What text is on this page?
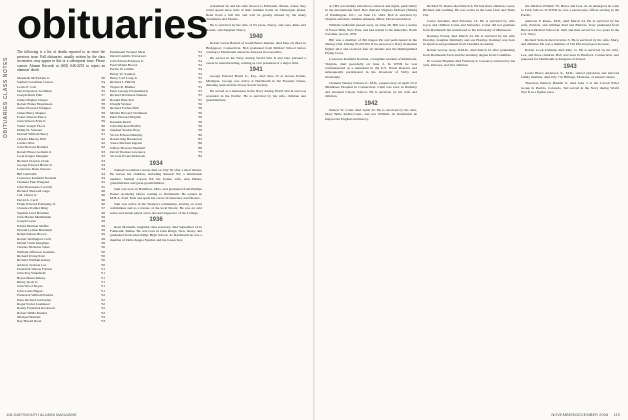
OBITUARIES CLASS NOTES
obituaries

The following is a list of deaths reported to us since the previous issue. Full obituaries, usually written by the class secretaries, may appear in this or a subsequent issue. Please contact Alumni Records at (603) 646-2253 to report an alumnus' death.

Mendelle McFadden Jr.	'30
Samuel Goodman Carson	'34
Lewis E. Colt	'36
David Spencer Goldman	'35
Joseph Mark Fuhr	'37
James Hughes Thayer	'38
Robert Fisher Hopkinson	'38
James Howard Schipper	'39
James Berry Shapiro	'39
Foster Warren Pierce	'39
John Warren Fritz Jr.	'39
Stuart Joseph Flood	'40
Philip W. Scheuer	'40
Donald William Berry	'41
Charles Murray Hall	'42
Lucius Wise	'42
John Howard Holland	'42
Robert Bruce Graham Jr.	'43
Leon Kruger Meagher	'43
Richard Clayton Clark	'43
George Edward Brand Jr.	'44
Lawrence Dean Stewart	'44
Bill Galbraith	'44
Lawrence Kenfield Norman	'44
Clement Fisk Wiegand	'45
John Devereaux Corvelti	'45
Richard Shotwell Gage	'46
J.M. Oliver Jr.	'46
David A. Cecil	'46
Frank Edward Pollansky Jr.	'46
Clarence Kohler Ring	'47
Stephen Lind Hartman	'48
John Harlan Middlemist	'49
Joseph Gorin	'49
Edwin Herman Maffie	'49
Donald Lyman Burnham	'49
Ralph Nelson Brown	'49
Robert Wellington Cecil	'49
Daniel Clark Kingman	'49
Charles Nicholas Scher	'50
William Jefferson Geitsma	'50
Richard Irving Paul	'50
Richard William Kelley	'50
Andrew Jackson Lee	'50
Frederick Vinson Farbert	'51
John Roy Wakefield	'51
Bryan Mann Rainey	'51
Henry Rock Jr.	'51
John Wood Noyes	'51
John Louis Hagan	'51
Frederick William Endres	'52
Peter Richard Garbarino	'52
Roger Porter Luskhead	'52
Randy Frederick Rockwell	'52
Robert Willis Kneitel	'52
Michael Bonnell	'53
Ray Harold Ryan	'53
Emmanuel Wolpert Metz	'53
David Camillo Traversari	'53
John Edwin Erickson Jr.	'54
Fred Wright Brown	'54
Parvin D. Gillim	'54
Henry W. Sanders	'54
Harry Carl Long Jr.	'55
Richard J. Hill III	'55
Wayne B. Blumer	'55
Peter George Dronenbusch	'55
Richard Robinson Nielsen	'55
Ronald Hale Port	'55
Dwight Wolper	'56
Richard Forbes Hull	'56
Melvin Howard Wolfskeel	'56
Peter Howard Pilgrim	'56
Kenneth Reich	'56
John Maclean Pfeiffer	'58
Stephen Yerdon Hoyt	'58
Victor Edward Murphy	'60
Robert Reg Henderson	'63
Vance Michael Ingram	'66
Jeffrey Howard Shendell	'68
David Thomas Lawrence	'75
Victoria Evans McIntosh	'82
1934

Samuel Goodman Carson died on July 30 after a short illness. He leaves his children, including Russell '62; a Dartmouth nephew, Samuel Carson '64; his former wife, Ann Hanks; grandchildren and great-grandchildren.

Sam was born in Hamilton, Ohio, and graduated from Phillips Exeter Academy before coming to Dartmouth. He earned an M.B.A. from Tuck and spent his career in insurance and finance.

Sam was active in the Westport community, serving on town committees and as a trustee of the local library. He was an avid sailor and tennis player and a devoted supporter of the College.

1936

Rene Marinelli, longtime class secretary, died September 19 in Falmouth, Maine. He was born in Glen Ridge, New Jersey, and graduated from Glen Ridge High School. At Dartmouth he was a member of Delta Kappa Epsilon and the Green Key.

retirement he and his wife moved to Falmouth, Maine, where they could spend more time at their summer home on Chebeague Island. Rene lived a full life and will be greatly missed by his many classmates and friends.

He is survived by his wife of 63 years, Nancy, and sons, Rene and Robert, and daughter Nancy.

1940

Robert Lewis Hartich of South Bend, Indiana, died May 16. Born in Bridgeport, Connecticut, Bob graduated from Milford School before coming to Dartmouth where he majored in economics.

He served in the Navy during World War II and later pursued a career in manufacturing, retiring as vice president of a major firm.

1941

George Edward Brand Jr., Esq., died June 25 at Grosse Pointe, Michigan. George was active at Dartmouth in the Forensic Union, debating team and the Tower Room Society.

He served as a lieutenant in the Navy during World War II and was wounded in the Pacific. He is survived by his wife, children and grandchildren.

118 DARTMOUTH ALUMNI MAGAZINE

at CBS was mainly television contracts and rights, particularly in the international field. Bob married Virginia McKeel (Smith) of Washington, D.C., on June 15, 1945. Bob is survived by Virginia and their children Amanda, Miles, David and Alison.

William Galbraith passed away on June 28. Bill was a native of Forest Hills, New York, and had retired to the Asheville, North Carolina, area in 1979.

Bill was a member of Phi Kappa Psi and participated in the Outing Club. During World War II he served as a Navy lieutenant fighter pilot and received four air medals and the Distinguished Flying Cross.

Lawrence Kenfield Norman, a longtime resident of Richmond, Virginia, died peacefully on June 2. In WWII he was commissioned as a lieutenant in the U.S. Naval Reserve and subsequently participated in the invasions of Sicily and Normandy.

Clement Stanley Scholes Jr., M.D., passed away on April 25 at Middlesex Hospital in Connecticut. Clem was born in Danbury and attended Choate School. He is survived by his wife and children.

1942

Nelson W. Crane died April 22. He is survived by his wife, Mary Belle Keller-Crane, and son William. At Dartmouth he majored in English and history.

Richard W. Deane died March 6. He had three children, Greta, Richard and Lenning. He was active in the Glee Club and Theta Chi.

Carter deLaittre died February 14. He is survived by wife Joyce and children Carter and Natascha. Carter did not graduate from Dartmouth but transferred to the University of Minnesota.

Romney Ewing died March 24. He is survived by his wife Dorothy, daughter Kimberly and son Bradley. Romney was born in Ipswich and graduated from Cheshire Academy.

Robert Grover Gray, D.M.D., died March 21 after graduating from Dartmouth Tuck and the dentistry degree from Columbia.

H. Gowan Hayman died February 6. Gowan is survived by his wife, Dolores, and five children.

his children William '70, Bruce and Lisa. At an undergrad he went to Tuck School. In WWII he was a paratrooper officer serving in the Pacific.

Anthony F. Russo, M.D., died March 24. He is survived by his wife, Patricia, and children Paul and Barbara. Tony graduated from Harvard Medical School in 1945 and then served for two years in the U.S. Navy.

Richard Schock died October 3. He is survived by his wife, Mary, and children. He was a member of Chi Phi and played lacrosse.

Robert Cook Tomkins died May 11. He is survived by his wife, Lee, and three children. Bob was born in Hartford, Connecticut, and prepared for Dartmouth at Kingswood School.

1943

Lewis Bruce Anderson Jr., M.D., retired physician and beloved family member, died July 7 in Billings, Montana, of natural causes.

Theodore Herbert Haskell Jr. died June 5 at the Carroll Elder Group in Pueblo, Colorado. Ted served in the Navy during World War II as a fighter pilot.

NOVEMBER/DECEMBER 2008 119
